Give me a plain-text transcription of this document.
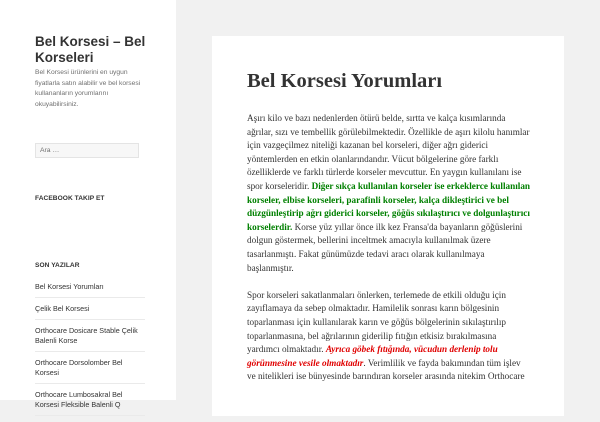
Bel Korsesi – Bel Korseleri
Bel Korsesi ürünlerini en uygun fiyatlarla satın alabilir ve bel korsesi kullananların yorumlarını okuyabilirsiniz.
Ara …
FACEBOOK TAKIP ET
SON YAZILAR
Bel Korsesi Yorumları
Çelik Bel Korsesi
Orthocare Dosicare Stable Çelik Balenli Korse
Orthocare Dorsolomber Bel Korsesi
Orthocare Lumbosakral Bel Korsesi Fleksible Balenli Q
Bel Korsesi Yorumları

Aşırı kilo ve bazı nedenlerden ötürü belde, sırtta ve kalça kısımlarında ağrılar, sızı ve tembellik görülebilmektedir. Özellikle de aşırı kilolu hanımlar için vazgeçilmez niteliği kazanan bel korseleri, diğer ağrı giderici yöntemlerden en etkin olanlarındandır. Vücut bölgelerine göre farklı özelliklerde ve farklı türlerde korseler mevcuttur. En yaygın kullanılanı ise spor korseleridir. Diğer sıkça kullanılan korseler ise erkeklerce kullanılan korseler, elbise korseleri, parafinli korseler, kalça dikleştirici ve bel düzgünleştirip ağrı giderici korseler, göğüs sıkılaştırıcı ve dolgunlaştırıcı korselerdir. Korse yüz yıllar önce ilk kez Fransa'da bayanların göğüslerini dolgun göstermek, bellerini inceltmek amacıyla kullanılmak üzere tasarlanmıştı. Fakat günümüzde tedavi aracı olarak kullanılmaya başlanmıştır.

Spor korseleri sakatlanmaları önlerken, terlemede de etkili olduğu için zayıflamaya da sebep olmaktadır. Hamilelik sonrası karın bölgesinin toparlanması için kullanılarak karın ve göğüs bölgelerinin sıkılaştırılıp toparlanmasına, bel ağrılarının giderilip fıtığın etkisiz bırakılmasına yardımcı olmaktadır. Ayrıca göbek fıtığında, vücudun derlenip tolu görünmesine vesile olmaktadır. Verimlilik ve fayda bakımından tüm işlev ve nitelikleri ise bünyesinde barındıran korseler arasında nitekim Orthocare
